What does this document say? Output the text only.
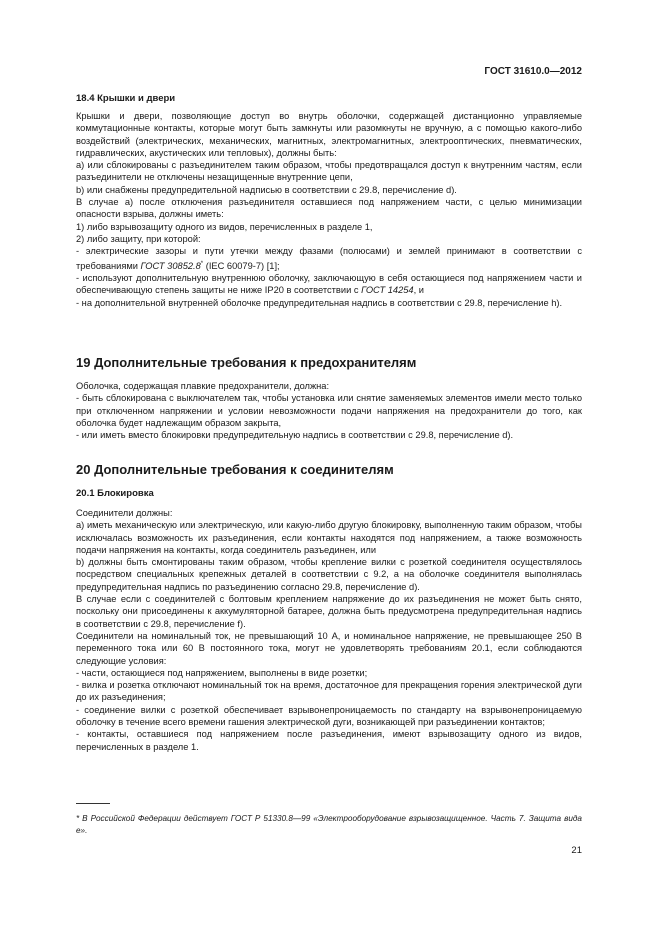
ГОСТ 31610.0—2012
18.4 Крышки и двери

Крышки и двери, позволяющие доступ во внутрь оболочки, содержащей дистанционно управляемые коммутационные контакты, которые могут быть замкнуты или разомкнуты не вручную, а с помощью какого-либо воздействий (электрических, механических, магнитных, электромагнитных, электрооптических, пневматических, гидравлических, акустических или тепловых), должны быть:

а) или сблокированы с разъединителем таким образом, чтобы предотвращался доступ к внутренним частям, если разъединители не отключены незащищенные внутренние цепи,

b) или снабжены предупредительной надписью в соответствии с 29.8, перечисление d).

В случае а) после отключения разъединителя оставшиеся под напряжением части, с целью минимизации опасности взрыва, должны иметь:

1) либо взрывозащиту одного из видов, перечисленных в разделе 1,

2) либо защиту, при которой:

- электрические зазоры и пути утечки между фазами (полюсами) и землей принимают в соответствии с требованиями ГОСТ 30852.8* (IEC 60079-7) [1];

- используют дополнительную внутреннюю оболочку, заключающую в себя остающиеся под напряжением части и обеспечивающую степень защиты не ниже IP20 в соответствии с ГОСТ 14254, и

- на дополнительной внутренней оболочке предупредительная надпись в соответствии с 29.8, перечисление h).

19 Дополнительные требования к предохранителям

Оболочка, содержащая плавкие предохранители, должна:

- быть сблокирована с выключателем так, чтобы установка или снятие заменяемых элементов имели место только при отключенном напряжении и условии невозможности подачи напряжения на предохранители до того, как оболочка будет надлежащим образом закрыта,

- или иметь вместо блокировки предупредительную надпись в соответствии с 29.8, перечисление d).

20 Дополнительные требования к соединителям
20.1 Блокировка

Соединители должны:

а) иметь механическую или электрическую, или какую-либо другую блокировку, выполненную таким образом, чтобы исключалась возможность их разъединения, если контакты находятся под напряжением, а также возможность подачи напряжения на контакты, когда соединитель разъединен, или

b) должны быть смонтированы таким образом, чтобы крепление вилки с розеткой соединителя осуществлялось посредством специальных крепежных деталей в соответствии с 9.2, а на оболочке соединителя выполнялась предупредительная надпись по разъединению согласно 29.8, перечисление d).

В случае если с соединителей с болтовым креплением напряжение до их разъединения не может быть снято, поскольку они присоединены к аккумуляторной батарее, должна быть предусмотрена предупредительная надпись в соответствии с 29.8, перечисление f).

Соединители на номинальный ток, не превышающий 10 А, и номинальное напряжение, не превышающее 250 В переменного тока или 60 В постоянного тока, могут не удовлетворять требованиям 20.1, если соблюдаются следующие условия:

- части, остающиеся под напряжением, выполнены в виде розетки;

- вилка и розетка отключают номинальный ток на время, достаточное для прекращения горения электрической дуги до их разъединения;

- соединение вилки с розеткой обеспечивает взрывонепроницаемость по стандарту на взрывонепроницаемую оболочку в течение всего времени гашения электрической дуги, возникающей при разъединении контактов;

- контакты, оставшиеся под напряжением после разъединения, имеют взрывозащиту одного из видов, перечисленных в разделе 1.

* В Российской Федерации действует ГОСТ Р 51330.8—99 «Электрооборудование взрывозащищенное. Часть 7. Защита вида е».
21
